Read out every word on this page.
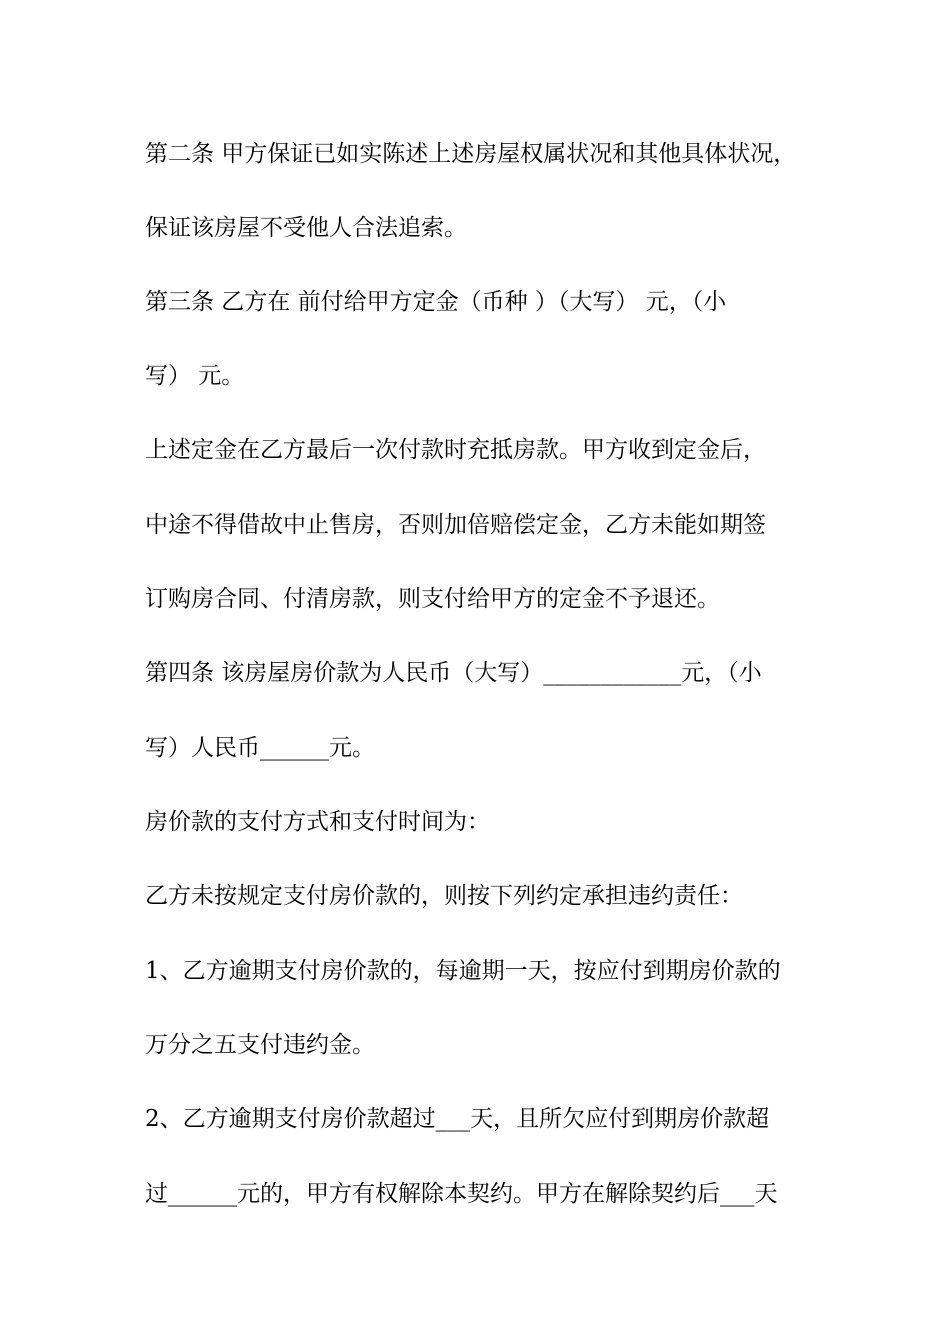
第二条 甲方保证已如实陈述上述房屋权属状况和其他具体状况，
保证该房屋不受他人合法追索。
第三条 乙方在 前付给甲方定金（币种 ）（大写） 元，（小
写） 元。
上述定金在乙方最后一次付款时充抵房款。甲方收到定金后，
中途不得借故中止售房，否则加倍赔偿定金，乙方未能如期签
订购房合同、付清房款，则支付给甲方的定金不予退还。
第四条 该房屋房价款为人民币（大写）____________元，（小
写）人民币______元。
房价款的支付方式和支付时间为：
乙方未按规定支付房价款的，则按下列约定承担违约责任：
1、乙方逾期支付房价款的，每逾期一天，按应付到期房价款的
万分之五支付违约金。
2、乙方逾期支付房价款超过___天，且所欠应付到期房价款超
过______元的，甲方有权解除本契约。甲方在解除契约后___天
